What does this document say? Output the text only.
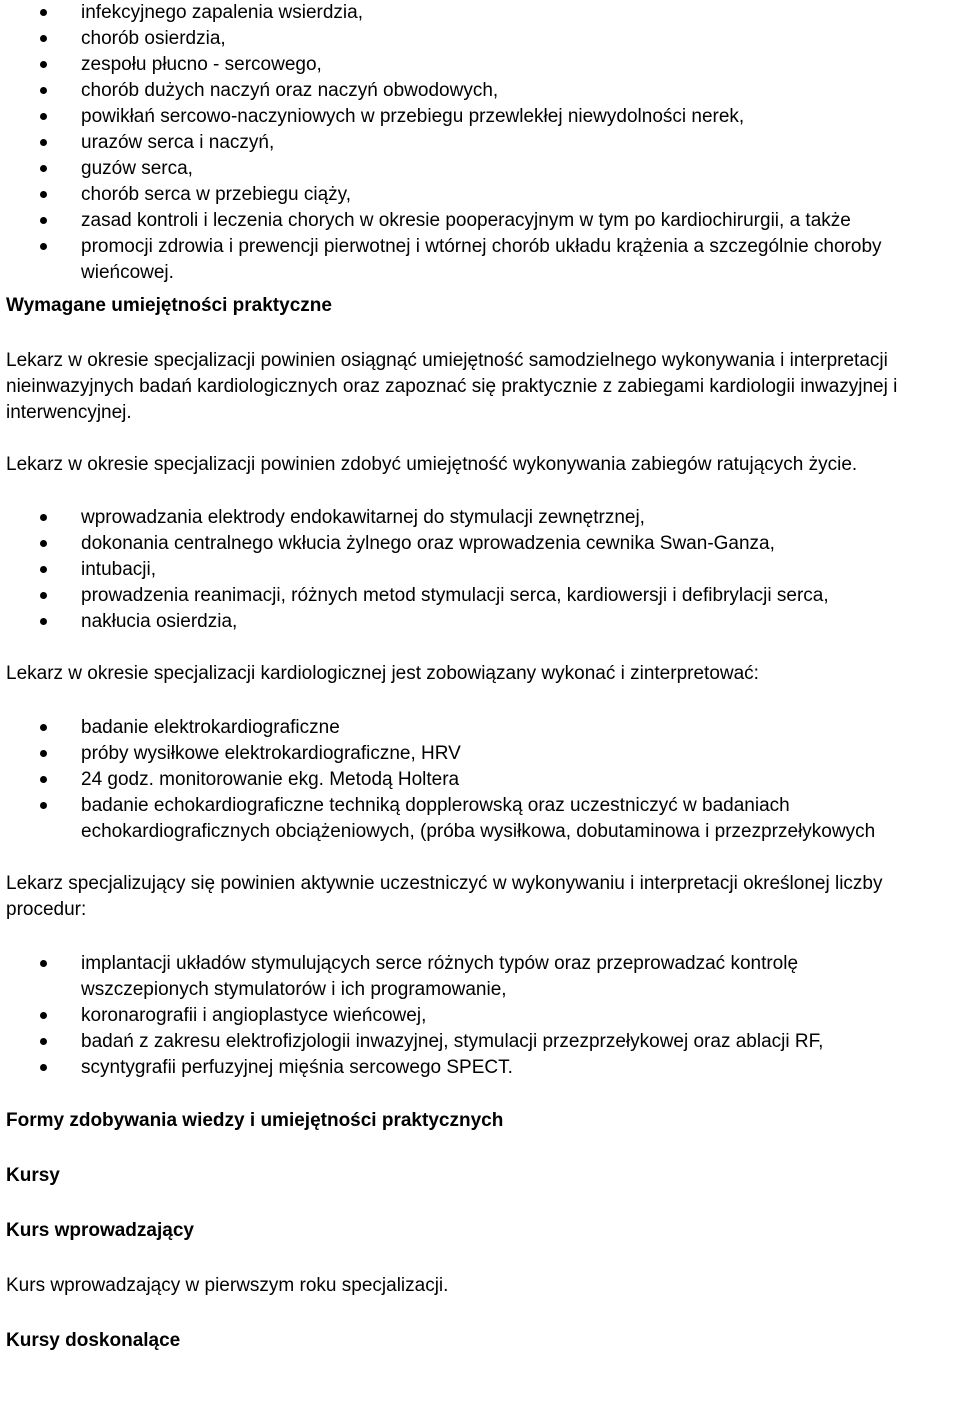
infekcyjnego zapalenia wsierdzia,
chorób osierdzia,
zespołu płucno - sercowego,
chorób dużych naczyń oraz naczyń obwodowych,
powikłań sercowo-naczyniowych w przebiegu przewlekłej niewydolności nerek,
urazów serca i naczyń,
guzów serca,
chorób serca w przebiegu ciąży,
zasad kontroli i leczenia chorych w okresie pooperacyjnym w tym po kardiochirurgii, a także
promocji zdrowia i prewencji pierwotnej i wtórnej chorób układu krążenia a szczególnie choroby wieńcowej.

Wymagane umiejętności praktyczne

Lekarz w okresie specjalizacji powinien osiągnąć umiejętność samodzielnego wykonywania i interpretacji nieinwazyjnych badań kardiologicznych oraz zapoznać się praktycznie z zabiegami kardiologii inwazyjnej i interwencyjnej.

Lekarz w okresie specjalizacji powinien zdobyć umiejętność wykonywania zabiegów ratujących życie.

wprowadzania elektrody endokawitarnej do stymulacji zewnętrznej,
dokonania centralnego wkłucia żylnego oraz wprowadzenia cewnika Swan-Ganza,
intubacji,
prowadzenia reanimacji, różnych metod stymulacji serca, kardiowersji i defibrylacji serca,
nakłucia osierdzia,

Lekarz w okresie specjalizacji kardiologicznej jest zobowiązany wykonać i zinterpretować:

badanie elektrokardiograficzne
próby wysiłkowe elektrokardiograficzne, HRV
24 godz. monitorowanie ekg. Metodą Holtera
badanie echokardiograficzne techniką dopplerowską oraz uczestniczyć w badaniach echokardiograficznych obciążeniowych, (próba wysiłkowa, dobutaminowa i przezprzełykowych

Lekarz specjalizujący się powinien aktywnie uczestniczyć w wykonywaniu i interpretacji określonej liczby procedur:

implantacji układów stymulujących serce różnych typów oraz przeprowadzać kontrolę wszczepionych stymulatorów i ich programowanie,
koronarografii i angioplastyce wieńcowej,
badań z zakresu elektrofizjologii inwazyjnej, stymulacji przezprzełykowej oraz ablacji RF,
scyntygrafii perfuzyjnej mięśnia sercowego SPECT.

Formy zdobywania wiedzy i umiejętności praktycznych

Kursy

Kurs wprowadzający

Kurs wprowadzający w pierwszym roku specjalizacji.

Kursy doskonalące
